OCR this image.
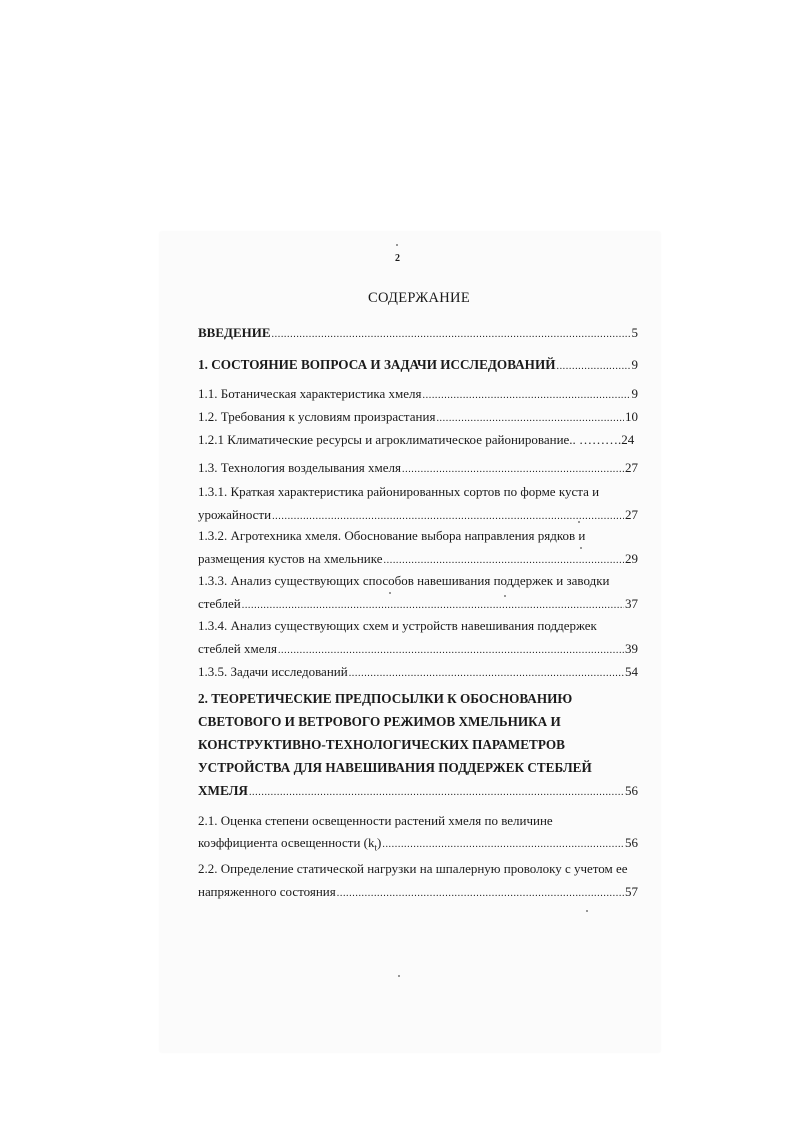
2
СОДЕРЖАНИЕ
ВВЕДЕНИЕ .....	5
1. СОСТОЯНИЕ ВОПРОСА И ЗАДАЧИ ИССЛЕДОВАНИЙ .....	9
1.1. Ботаническая характеристика хмеля .....	9
1.2. Требования к условиям произрастания .....	10
1.2.1 Климатические ресурсы и агроклиматическое районирование.. ……… .24
1.3. Технология возделывания хмеля .....	27
1.3.1. Краткая характеристика районированных сортов по форме куста и
урожайности .....	27
1.3.2. Агротехника хмеля. Обоснование выбора направления рядков и
размещения кустов на хмельнике .....	29
1.3.3. Анализ существующих способов навешивания поддержек и заводки
стеблей .....	37
1.3.4. Анализ существующих схем и устройств навешивания поддержек
стеблей хмеля .....	39
1.3.5. Задачи исследований .....	54
2. ТЕОРЕТИЧЕСКИЕ ПРЕДПОСЫЛКИ К ОБОСНОВАНИЮ
СВЕТОВОГО И ВЕТРОВОГО РЕЖИМОВ ХМЕЛЬНИКА И
КОНСТРУКТИВНО-ТЕХНОЛОГИЧЕСКИХ ПАРАМЕТРОВ
УСТРОЙСТВА ДЛЯ НАВЕШИВАНИЯ ПОДДЕРЖЕК СТЕБЛЕЙ
ХМЕЛЯ .....	56
2.1. Оценка степени освещенности растений хмеля по величине
коэффициента освещенности $(k_t)$ .....	56
2.2. Определение статической нагрузки на шпалерную проволоку с учетом ее
напряженного состояния .....	57
